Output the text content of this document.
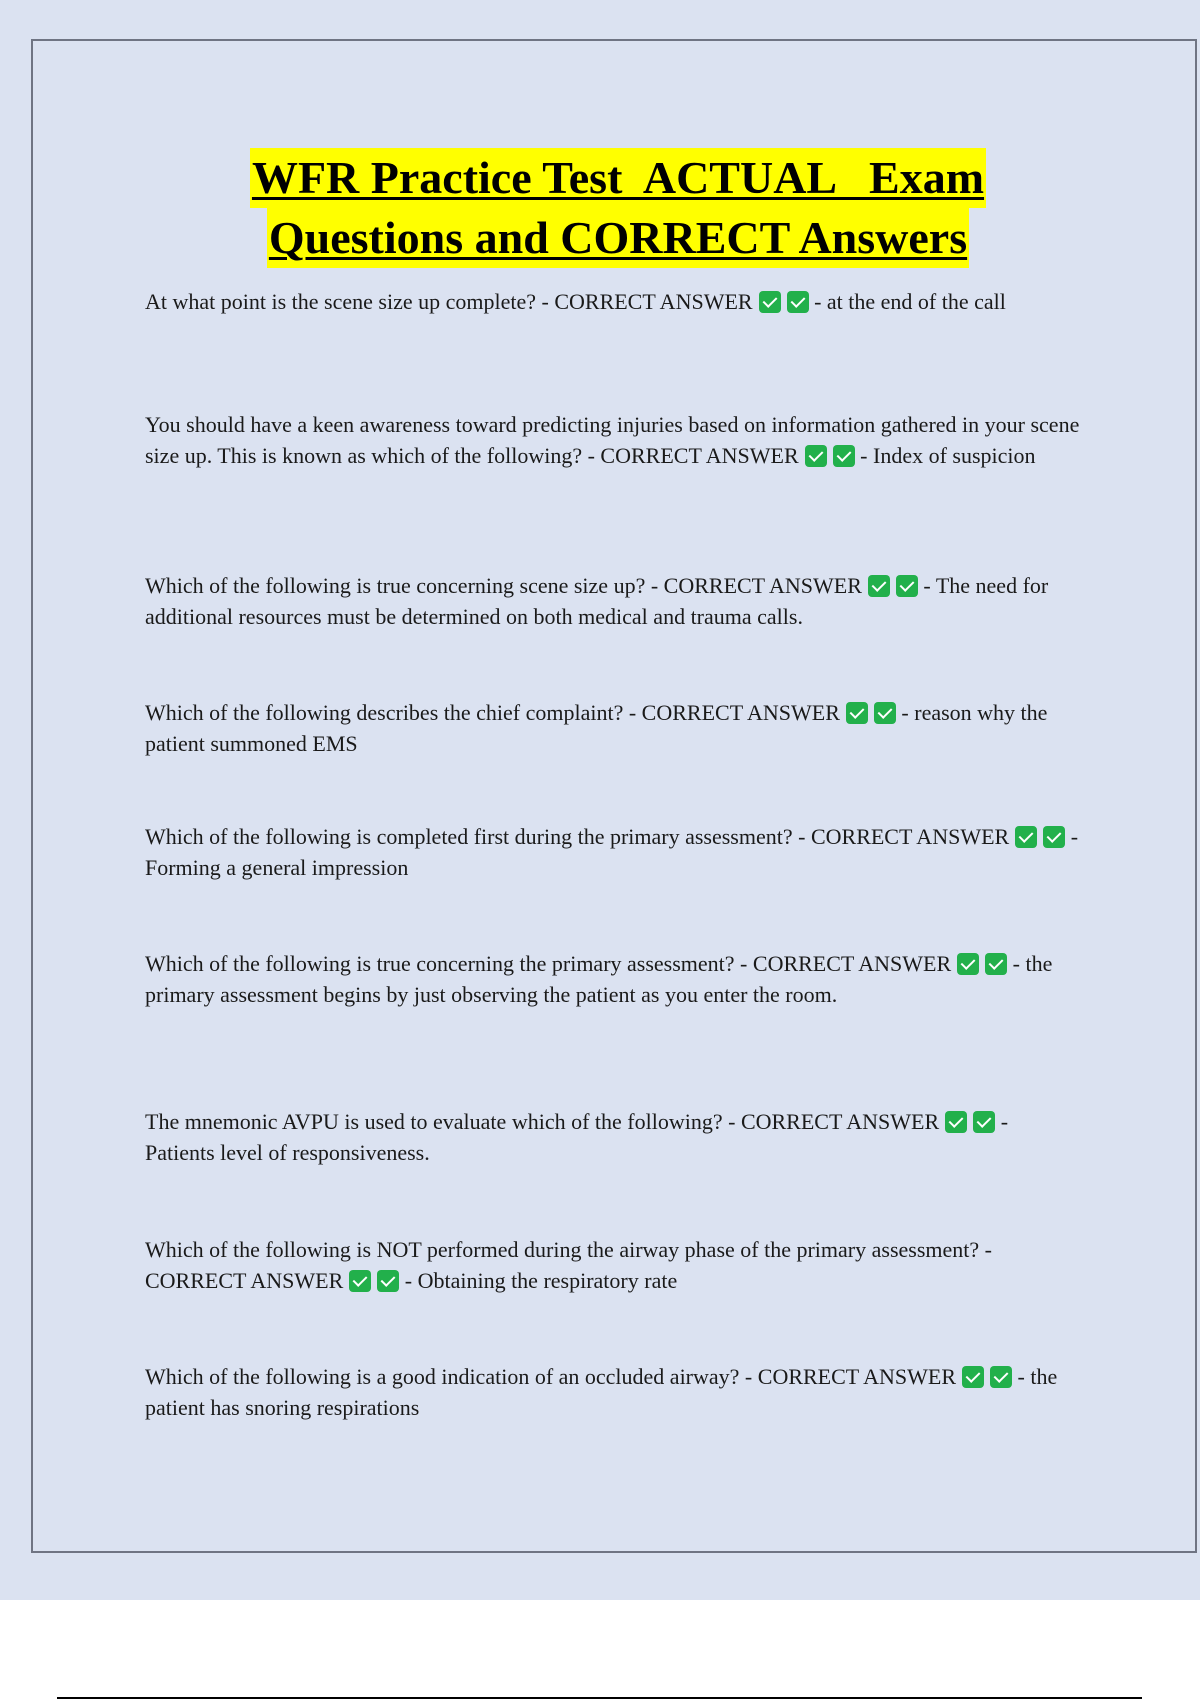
WFR Practice Test  ACTUAL   Exam
Questions and CORRECT Answers
At what point is the scene size up complete? - CORRECT ANSWER	- at the end of the call
You should have a keen awareness toward predicting injuries based on information gathered in your scene size up. This is known as which of the following? - CORRECT ANSWER	- Index of suspicion
Which of the following is true concerning scene size up? - CORRECT ANSWER	- The need for additional resources must be determined on both medical and trauma calls.
Which of the following describes the chief complaint? - CORRECT ANSWER	- reason why the patient summoned EMS
Which of the following is completed first during the primary assessment? - CORRECT ANSWER	- Forming a general impression
Which of the following is true concerning the primary assessment? - CORRECT ANSWER	- the primary assessment begins by just observing the patient as you enter the room.
The mnemonic AVPU is used to evaluate which of the following? - CORRECT ANSWER	- Patients level of responsiveness.
Which of the following is NOT performed during the airway phase of the primary assessment? - CORRECT ANSWER	- Obtaining the respiratory rate
Which of the following is a good indication of an occluded airway? - CORRECT ANSWER	- the patient has snoring respirations
